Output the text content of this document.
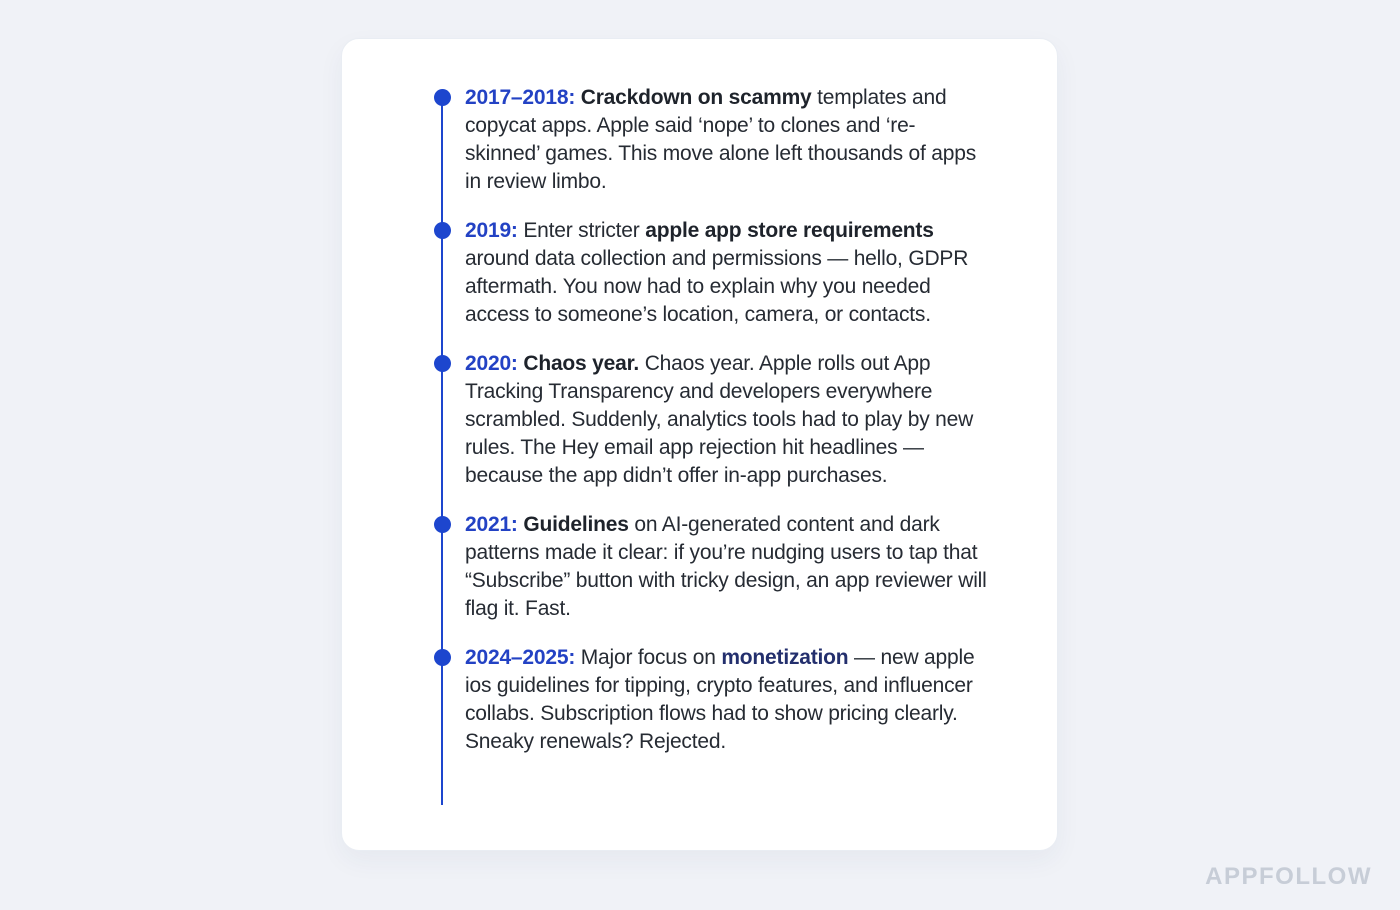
2017–2018: Crackdown on scammy templates and copycat apps. Apple said ‘nope’ to clones and ‘re-skinned’ games. This move alone left thousands of apps in review limbo.
2019: Enter stricter apple app store requirements around data collection and permissions — hello, GDPR aftermath. You now had to explain why you needed access to someone’s location, camera, or contacts.
2020: Chaos year. Chaos year. Apple rolls out App Tracking Transparency and developers everywhere scrambled. Suddenly, analytics tools had to play by new rules. The Hey email app rejection hit headlines — because the app didn’t offer in-app purchases.
2021: Guidelines on AI-generated content and dark patterns made it clear: if you’re nudging users to tap that “Subscribe” button with tricky design, an app reviewer will flag it. Fast.
2024–2025: Major focus on monetization — new apple ios guidelines for tipping, crypto features, and influencer collabs. Subscription flows had to show pricing clearly. Sneaky renewals? Rejected.
APPFOLLOW
